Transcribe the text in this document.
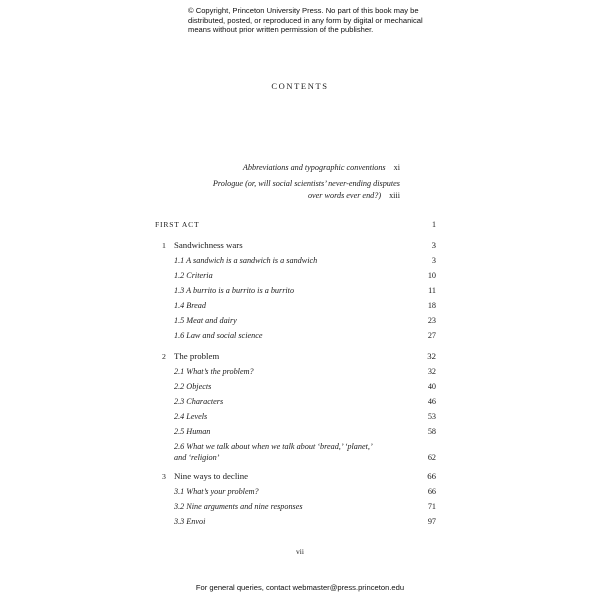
© Copyright, Princeton University Press. No part of this book may be distributed, posted, or reproduced in any form by digital or mechanical means without prior written permission of the publisher.
CONTENTS
Abbreviations and typographic conventions xi
Prologue (or, will social scientists’ never-ending disputes
over words ever end?) xiii
FIRST ACT	1
1 Sandwichness wars	3
1.1 A sandwich is a sandwich is a sandwich	3
1.2 Criteria	10
1.3 A burrito is a burrito is a burrito	11
1.4 Bread	18
1.5 Meat and dairy	23
1.6 Law and social science	27
2 The problem	32
2.1 What’s the problem?	32
2.2 Objects	40
2.3 Characters	46
2.4 Levels	53
2.5 Human	58
2.6 What we talk about when we talk about ‘bread,’ ‘planet,’
and ‘religion’	62
3 Nine ways to decline	66
3.1 What’s your problem?	66
3.2 Nine arguments and nine responses	71
3.3 Envoi	97
vii
For general queries, contact webmaster@press.princeton.edu
